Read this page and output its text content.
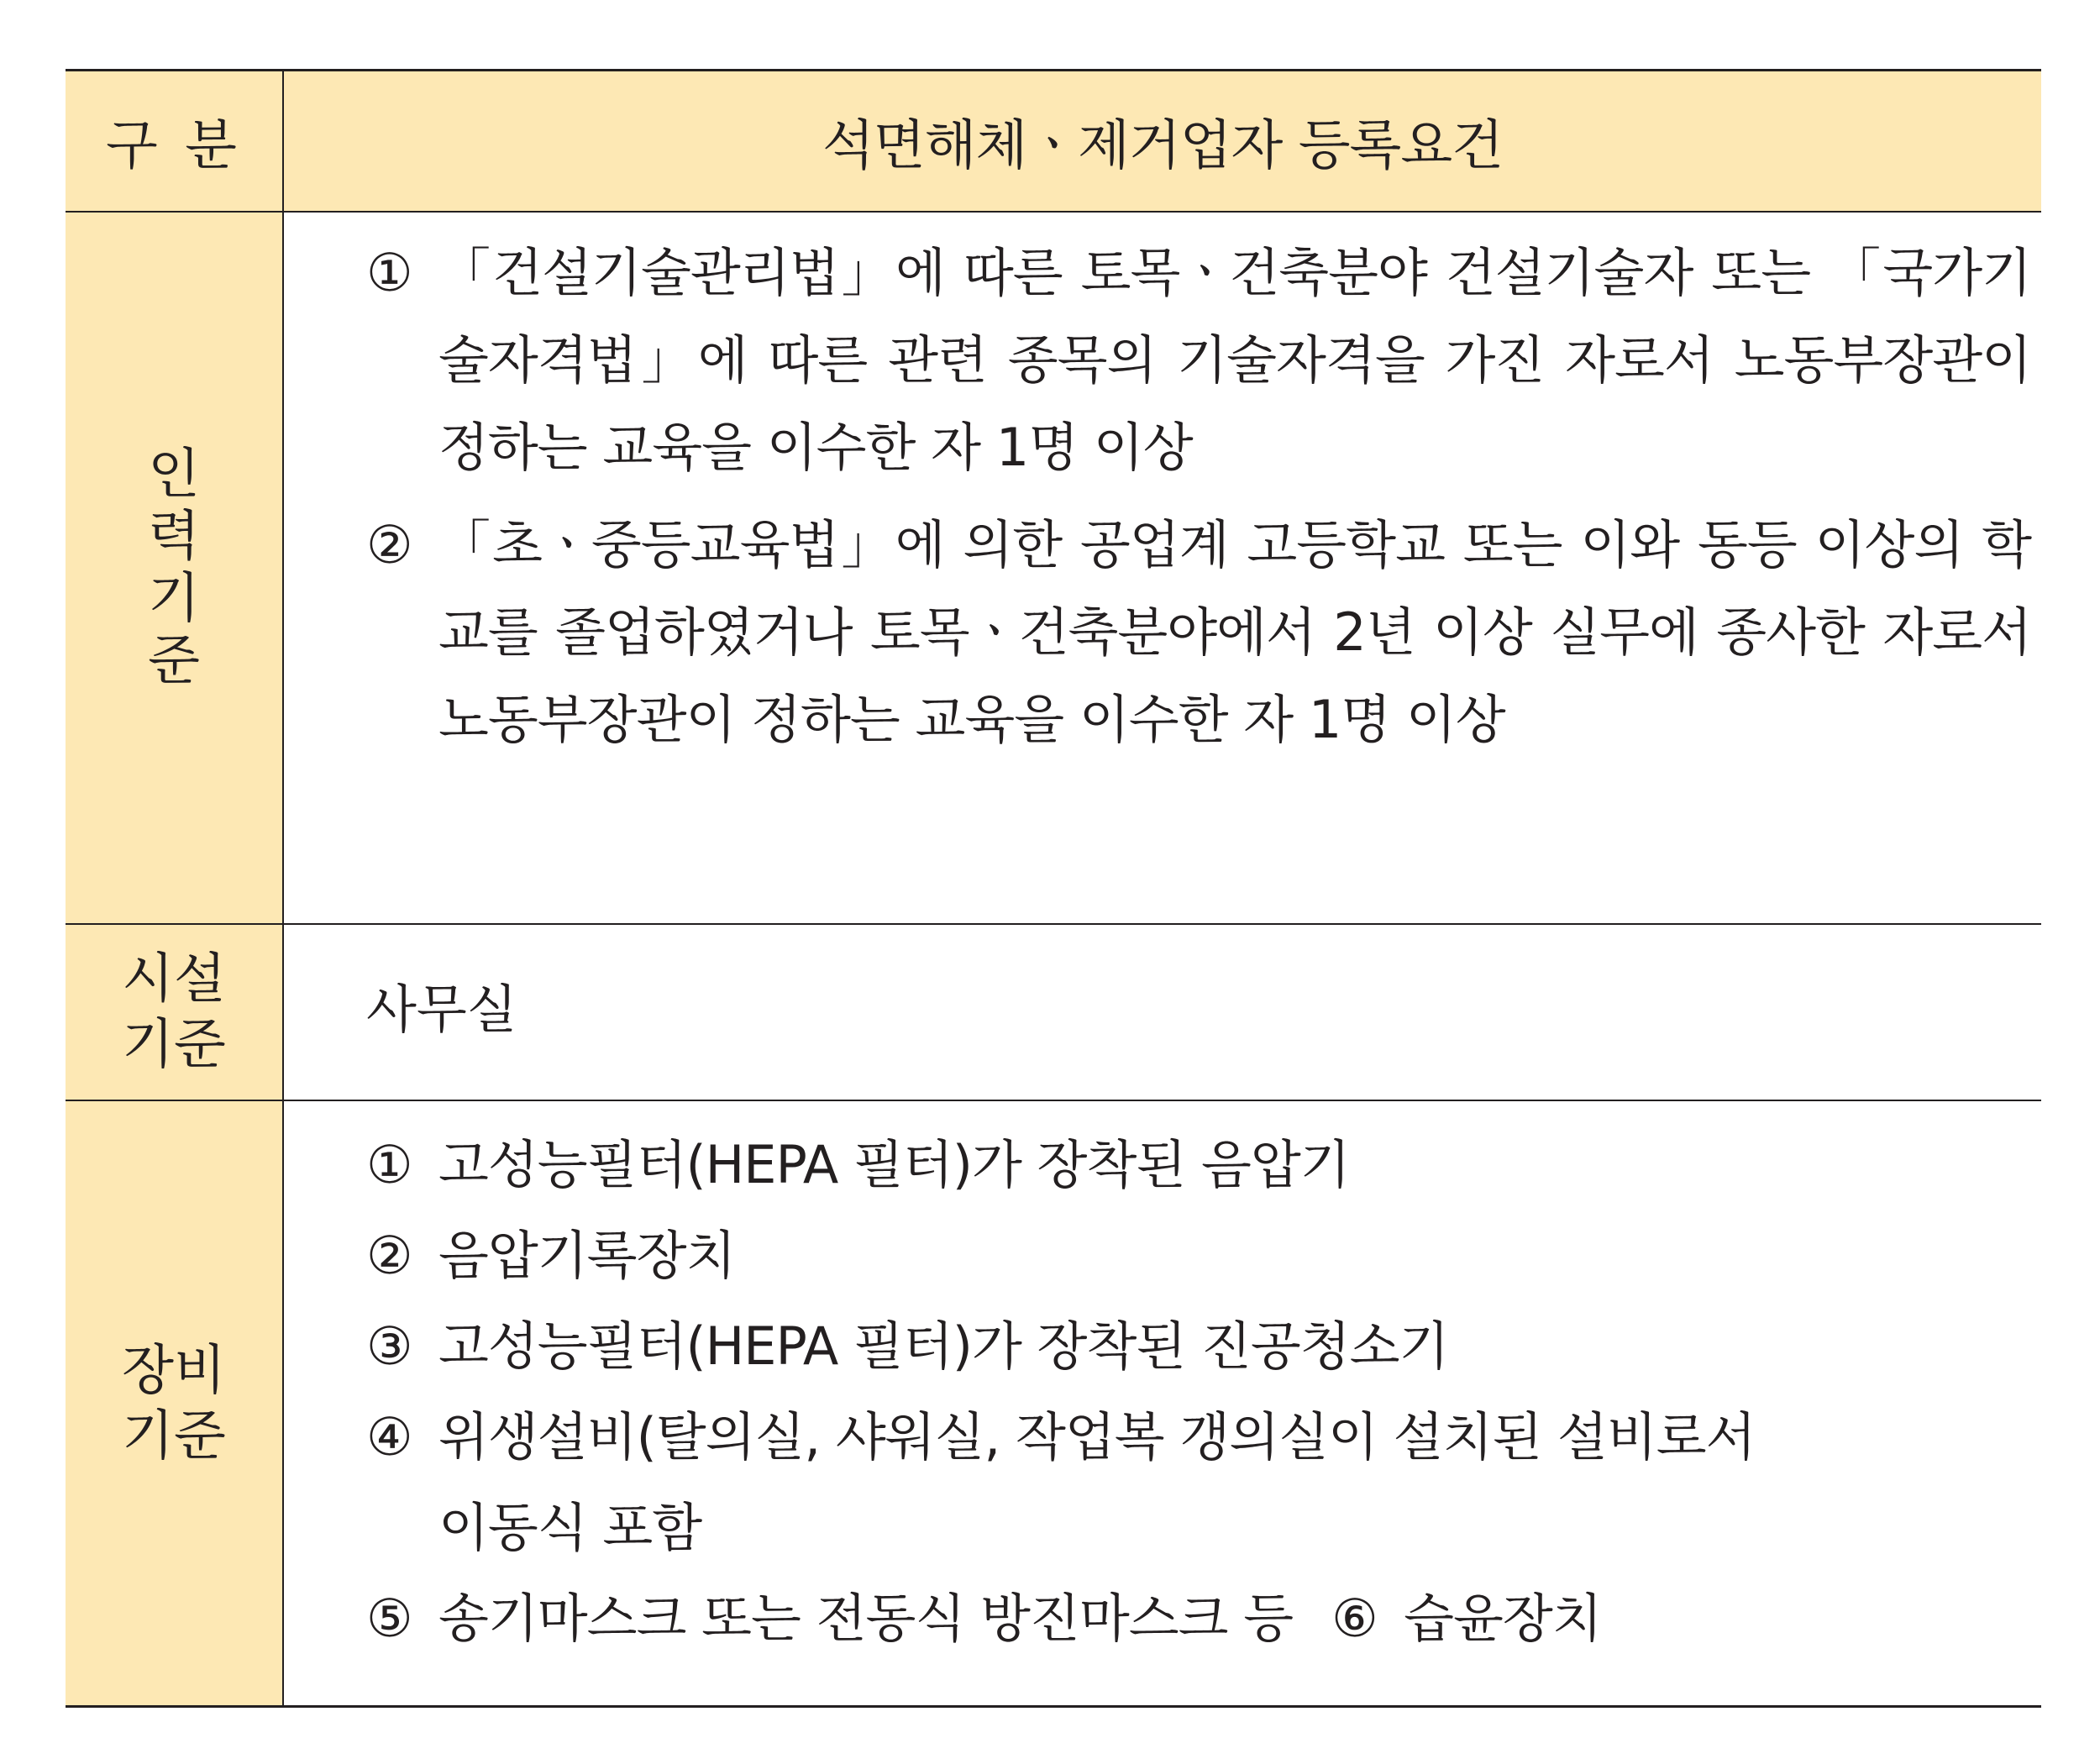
구 분	석면해체ㆍ제거업자 등록요건
인력기준
① 「건설기술관리법」에 따른 토목ㆍ건축분야 건설기술자 또는 「국가기술자격법」에 따른 관련 종목의 기술자격을 가진 자로서 노동부장관이 정하는 교육을 이수한 자 1명 이상
② 「초ㆍ중등교육법」에 의한 공업계 고등학교 또는 이와 동등 이상의 학교를 졸업하였거나 토목ㆍ건축분야에서 2년 이상 실무에 종사한 자로서 노동부장관이 정하는 교육을 이수한 자 1명 이상
시설기준
사무실
장비기준
① 고성능필터(HEPA 필터)가 장착된 음압기
② 음압기록장치
③ 고성능필터(HEPA 필터)가 장착된 진공청소기
④ 위생설비(탈의실, 샤워실, 작업복 갱의실이 설치된 설비로서
이동식 포함
⑤ 송기마스크 또는 전동식 방진마스크 등 ⑥ 습윤장치
